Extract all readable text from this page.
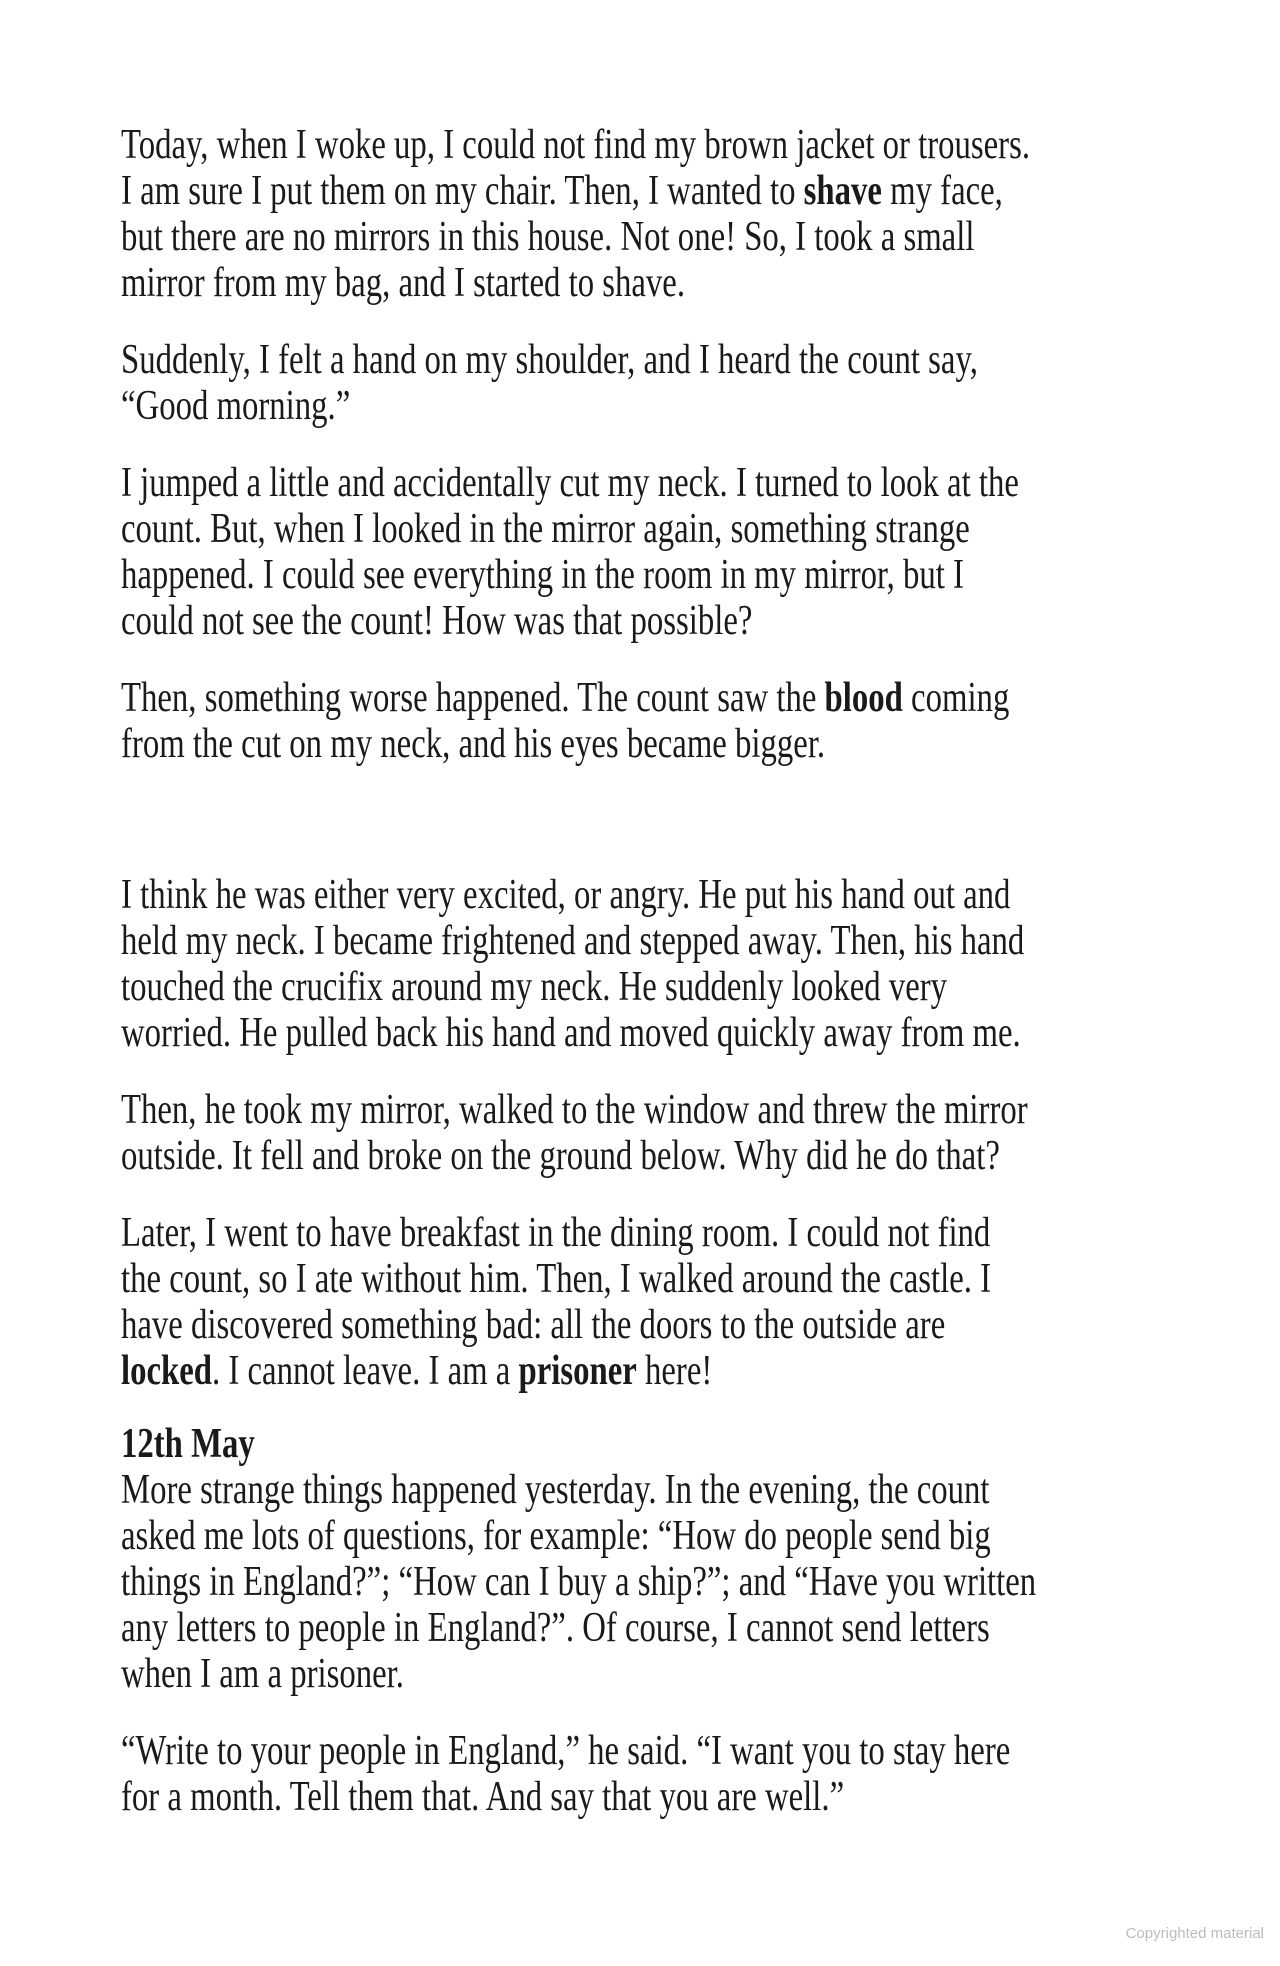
Today, when I woke up, I could not find my brown jacket or trousers.
I am sure I put them on my chair. Then, I wanted to shave my face,
but there are no mirrors in this house. Not one! So, I took a small
mirror from my bag, and I started to shave.
Suddenly, I felt a hand on my shoulder, and I heard the count say,
“Good morning.”
I jumped a little and accidentally cut my neck. I turned to look at the
count. But, when I looked in the mirror again, something strange
happened. I could see everything in the room in my mirror, but I
could not see the count! How was that possible?
Then, something worse happened. The count saw the blood coming
from the cut on my neck, and his eyes became bigger.
I think he was either very excited, or angry. He put his hand out and
held my neck. I became frightened and stepped away. Then, his hand
touched the crucifix around my neck. He suddenly looked very
worried. He pulled back his hand and moved quickly away from me.
Then, he took my mirror, walked to the window and threw the mirror
outside. It fell and broke on the ground below. Why did he do that?
Later, I went to have breakfast in the dining room. I could not find
the count, so I ate without him. Then, I walked around the castle. I
have discovered something bad: all the doors to the outside are
locked. I cannot leave. I am a prisoner here!
12th May
More strange things happened yesterday. In the evening, the count
asked me lots of questions, for example: “How do people send big
things in England?”; “How can I buy a ship?”; and “Have you written
any letters to people in England?”. Of course, I cannot send letters
when I am a prisoner.
“Write to your people in England,” he said. “I want you to stay here
for a month. Tell them that. And say that you are well.”
Copyrighted material
